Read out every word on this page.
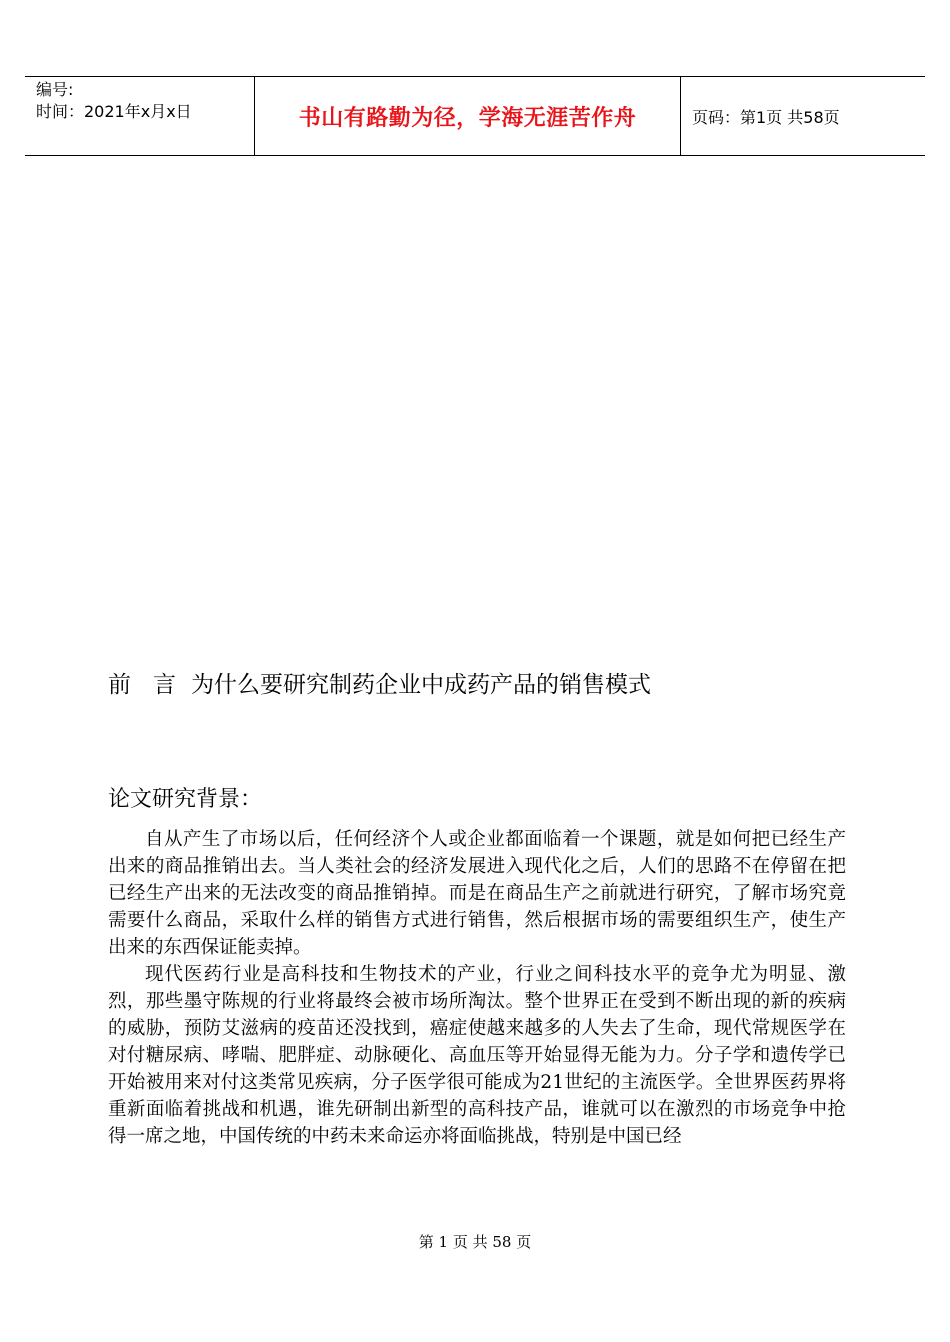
编号:
时间：2021年x月x日	书山有路勤为径，学海无涯苦作舟	页码：第1页 共58页
前 言 为什么要研究制药企业中成药产品的销售模式
论文研究背景：
自从产生了市场以后，任何经济个人或企业都面临着一个课题，就是如何把已经生产出来的商品推销出去。当人类社会的经济发展进入现代化之后，人们的思路不在停留在把已经生产出来的无法改变的商品推销掉。而是在商品生产之前就进行研究，了解市场究竟需要什么商品，采取什么样的销售方式进行销售，然后根据市场的需要组织生产，使生产出来的东西保证能卖掉。
现代医药行业是高科技和生物技术的产业，行业之间科技水平的竞争尤为明显、激烈，那些墨守陈规的行业将最终会被市场所淘汰。整个世界正在受到不断出现的新的疾病的威胁，预防艾滋病的疫苗还没找到，癌症使越来越多的人失去了生命，现代常规医学在对付糖尿病、哮喘、肥胖症、动脉硬化、高血压等开始显得无能为力。分子学和遗传学已开始被用来对付这类常见疾病，分子医学很可能成为21世纪的主流医学。全世界医药界将重新面临着挑战和机遇，谁先研制出新型的高科技产品，谁就可以在激烈的市场竞争中抢得一席之地，中国传统的中药未来命运亦将面临挑战，特别是中国已经
第 1 页 共 58 页
